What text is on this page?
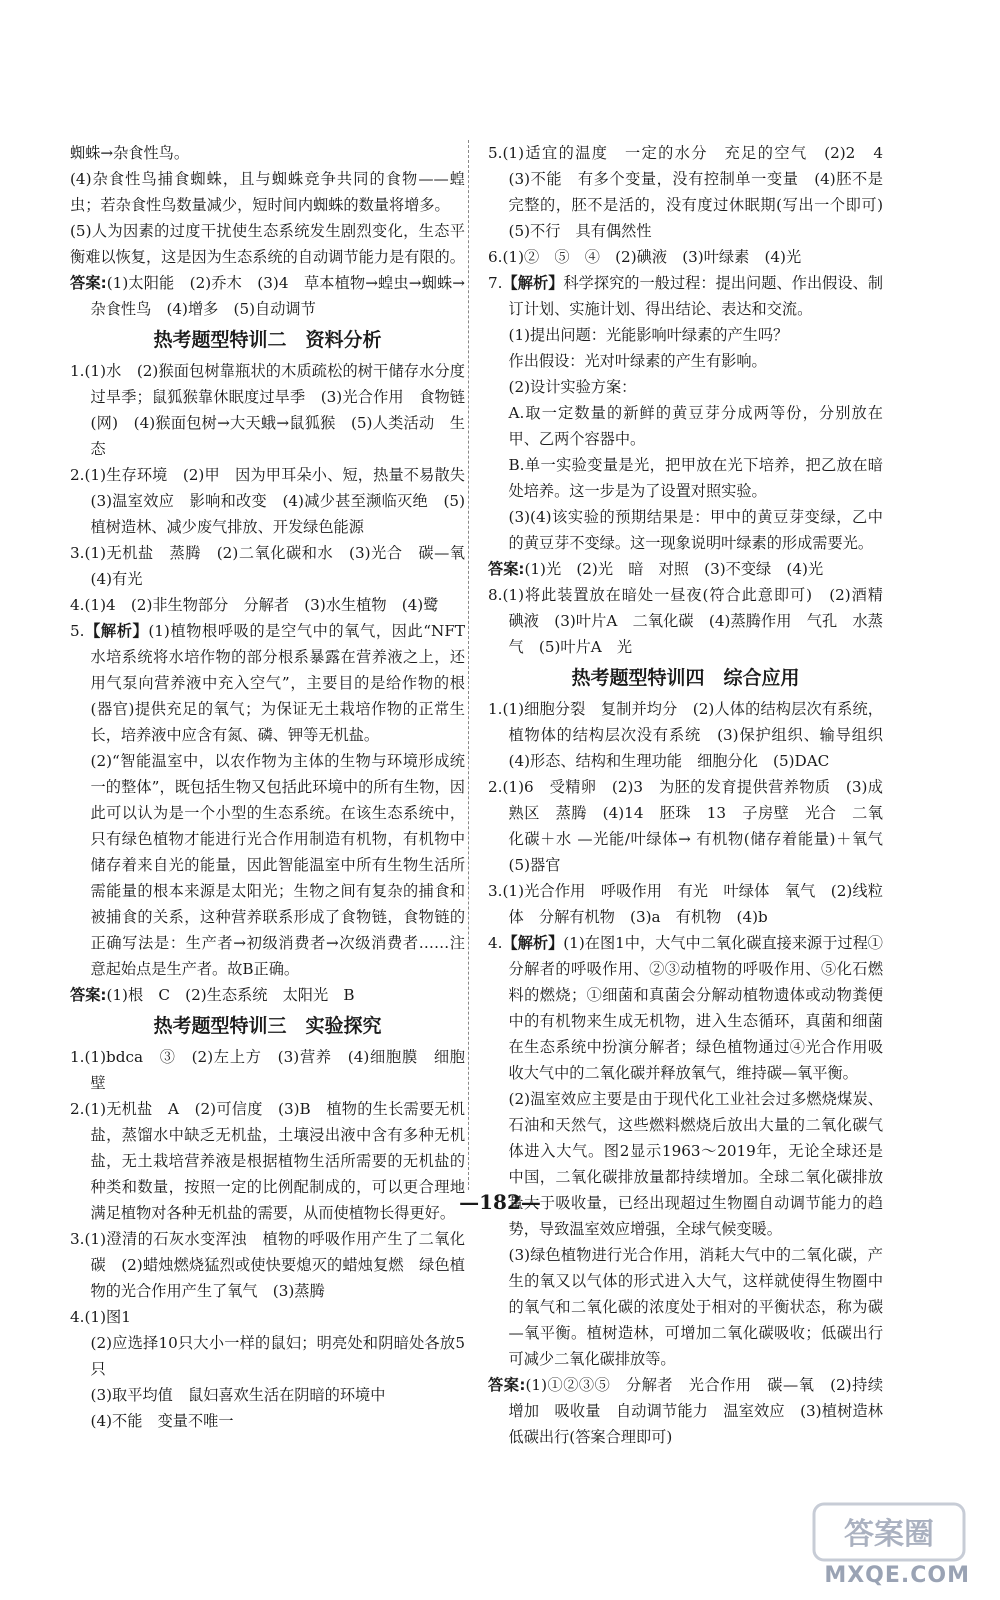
蜘蛛→杂食性鸟。

(4)杂食性鸟捕食蜘蛛，且与蜘蛛竞争共同的食物——蝗虫；若杂食性鸟数量减少，短时间内蜘蛛的数量将增多。

(5)人为因素的过度干扰使生态系统发生剧烈变化，生态平衡难以恢复，这是因为生态系统的自动调节能力是有限的。

答案:(1)太阳能　(2)乔木　(3)4　草本植物→蝗虫→蜘蛛→杂食性鸟　(4)增多　(5)自动调节

热考题型特训二　资料分析

1.(1)水　(2)猴面包树靠瓶状的木质疏松的树干储存水分度过旱季；鼠狐猴靠休眠度过旱季　(3)光合作用　食物链(网)　(4)猴面包树→大天蛾→鼠狐猴　(5)人类活动　生态

2.(1)生存环境　(2)甲　因为甲耳朵小、短，热量不易散失　(3)温室效应　影响和改变　(4)减少甚至濒临灭绝　(5)植树造林、减少废气排放、开发绿色能源

3.(1)无机盐　蒸腾　(2)二氧化碳和水　(3)光合　碳—氧　(4)有光

4.(1)4　(2)非生物部分　分解者　(3)水生植物　(4)鹭

5.【解析】(1)植物根呼吸的是空气中的氧气，因此“NFT水培系统将水培作物的部分根系暴露在营养液之上，还用气泵向营养液中充入空气”，主要目的是给作物的根(器官)提供充足的氧气；为保证无土栽培作物的正常生长，培养液中应含有氮、磷、钾等无机盐。

(2)“智能温室中，以农作物为主体的生物与环境形成统一的整体”，既包括生物又包括此环境中的所有生物，因此可以认为是一个小型的生态系统。在该生态系统中，只有绿色植物才能进行光合作用制造有机物，有机物中储存着来自光的能量，因此智能温室中所有生物生活所需能量的根本来源是太阳光；生物之间有复杂的捕食和被捕食的关系，这种营养联系形成了食物链，食物链的正确写法是：生产者→初级消费者→次级消费者……注意起始点是生产者。故B正确。

答案:(1)根　C　(2)生态系统　太阳光　B

热考题型特训三　实验探究

1.(1)bdca　③　(2)左上方　(3)营养　(4)细胞膜　细胞壁

2.(1)无机盐　A　(2)可信度　(3)B　植物的生长需要无机盐，蒸馏水中缺乏无机盐，土壤浸出液中含有多种无机盐，无土栽培营养液是根据植物生活所需要的无机盐的种类和数量，按照一定的比例配制成的，可以更合理地满足植物对各种无机盐的需要，从而使植物长得更好。

3.(1)澄清的石灰水变浑浊　植物的呼吸作用产生了二氧化碳　(2)蜡烛燃烧猛烈或使快要熄灭的蜡烛复燃　绿色植物的光合作用产生了氧气　(3)蒸腾

4.(1)图1

(2)应选择10只大小一样的鼠妇；明亮处和阴暗处各放5只

(3)取平均值　鼠妇喜欢生活在阴暗的环境中

(4)不能　变量不唯一

5.(1)适宜的温度　一定的水分　充足的空气　(2)2　4　(3)不能　有多个变量，没有控制单一变量　(4)胚不是完整的，胚不是活的，没有度过休眠期(写出一个即可)　(5)不行　具有偶然性

6.(1)②　⑤　④　(2)碘液　(3)叶绿素　(4)光

7.【解析】科学探究的一般过程：提出问题、作出假设、制订计划、实施计划、得出结论、表达和交流。

(1)提出问题：光能影响叶绿素的产生吗？

作出假设：光对叶绿素的产生有影响。

(2)设计实验方案：

A.取一定数量的新鲜的黄豆芽分成两等份，分别放在甲、乙两个容器中。

B.单一实验变量是光，把甲放在光下培养，把乙放在暗处培养。这一步是为了设置对照实验。

(3)(4)该实验的预期结果是：甲中的黄豆芽变绿，乙中的黄豆芽不变绿。这一现象说明叶绿素的形成需要光。

答案:(1)光　(2)光　暗　对照　(3)不变绿　(4)光

8.(1)将此装置放在暗处一昼夜(符合此意即可)　(2)酒精　碘液　(3)叶片A　二氧化碳　(4)蒸腾作用　气孔　水蒸气　(5)叶片A　光

热考题型特训四　综合应用

1.(1)细胞分裂　复制并均分　(2)人体的结构层次有系统，植物体的结构层次没有系统　(3)保护组织、输导组织　(4)形态、结构和生理功能　细胞分化　(5)DAC

2.(1)6　受精卵　(2)3　为胚的发育提供营养物质　(3)成熟区　蒸腾　(4)14　胚珠　13　子房壁　光合　二氧化碳＋水 —光能/叶绿体→ 有机物(储存着能量)＋氧气　(5)器官

3.(1)光合作用　呼吸作用　有光　叶绿体　氧气　(2)线粒体　分解有机物　(3)a　有机物　(4)b

4.【解析】(1)在图1中，大气中二氧化碳直接来源于过程①分解者的呼吸作用、②③动植物的呼吸作用、⑤化石燃料的燃烧；①细菌和真菌会分解动植物遗体或动物粪便中的有机物来生成无机物，进入生态循环，真菌和细菌在生态系统中扮演分解者；绿色植物通过④光合作用吸收大气中的二氧化碳并释放氧气，维持碳—氧平衡。

(2)温室效应主要是由于现代化工业社会过多燃烧煤炭、石油和天然气，这些燃料燃烧后放出大量的二氧化碳气体进入大气。图2显示1963～2019年，无论全球还是中国，二氧化碳排放量都持续增加。全球二氧化碳排放量大于吸收量，已经出现超过生物圈自动调节能力的趋势，导致温室效应增强，全球气候变暖。

(3)绿色植物进行光合作用，消耗大气中的二氧化碳，产生的氧又以气体的形式进入大气，这样就使得生物圈中的氧气和二氧化碳的浓度处于相对的平衡状态，称为碳—氧平衡。植树造林，可增加二氧化碳吸收；低碳出行可减少二氧化碳排放等。

答案:(1)①②③⑤　分解者　光合作用　碳—氧　(2)持续增加　吸收量　自动调节能力　温室效应　(3)植树造林　低碳出行(答案合理即可)

—182—
答案圈
MXQE.COM
